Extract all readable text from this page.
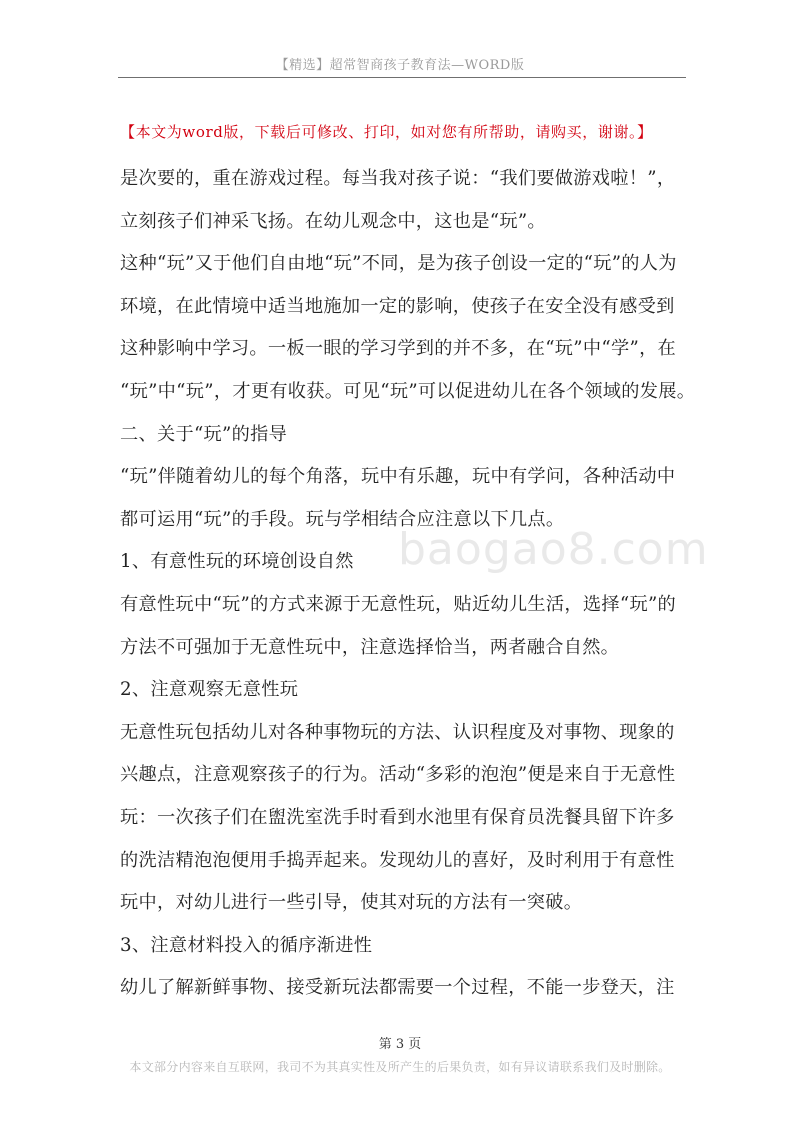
【精选】超常智商孩子教育法—WORD版
【本文为word版，下载后可修改、打印，如对您有所帮助，请购买，谢谢。】
baogao8.com
是次要的，重在游戏过程。每当我对孩子说：“我们要做游戏啦！”，
立刻孩子们神采飞扬。在幼儿观念中，这也是“玩”。
这种“玩”又于他们自由地“玩”不同，是为孩子创设一定的“玩”的人为
环境，在此情境中适当地施加一定的影响，使孩子在安全没有感受到
这种影响中学习。一板一眼的学习学到的并不多，在“玩”中“学”，在
“玩”中“玩”，才更有收获。可见“玩”可以促进幼儿在各个领域的发展。
二、关于“玩”的指导
“玩”伴随着幼儿的每个角落，玩中有乐趣，玩中有学问，各种活动中
都可运用“玩”的手段。玩与学相结合应注意以下几点。
1、有意性玩的环境创设自然
有意性玩中“玩”的方式来源于无意性玩，贴近幼儿生活，选择“玩”的
方法不可强加于无意性玩中，注意选择恰当，两者融合自然。
2、注意观察无意性玩
无意性玩包括幼儿对各种事物玩的方法、认识程度及对事物、现象的
兴趣点，注意观察孩子的行为。活动“多彩的泡泡”便是来自于无意性
玩：一次孩子们在盥洗室洗手时看到水池里有保育员洗餐具留下许多
的洗洁精泡泡便用手捣弄起来。发现幼儿的喜好，及时利用于有意性
玩中，对幼儿进行一些引导，使其对玩的方法有一突破。
3、注意材料投入的循序渐进性
幼儿了解新鲜事物、接受新玩法都需要一个过程，不能一步登天，注
第 3 页
本文部分内容来自互联网，我司不为其真实性及所产生的后果负责，如有异议请联系我们及时删除。
